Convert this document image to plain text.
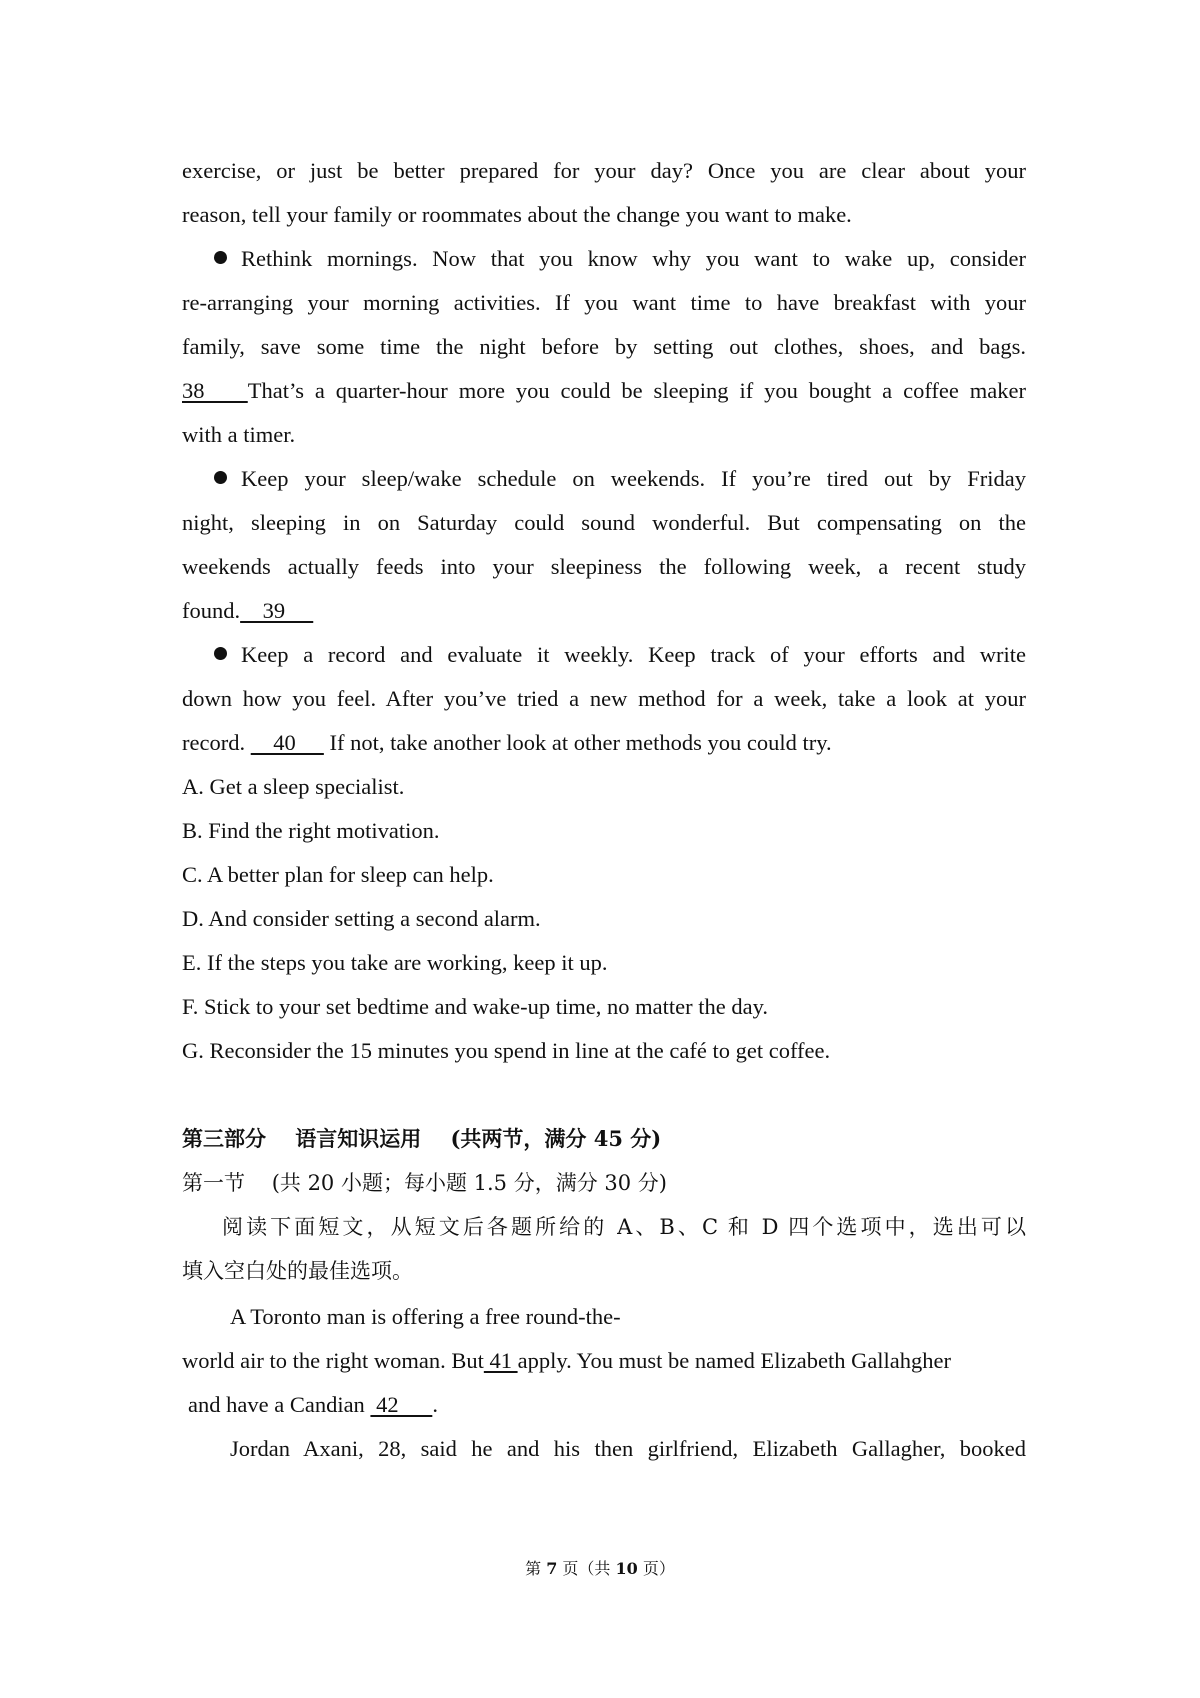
exercise, or just be better prepared for your day? Once you are clear about your
reason, tell your family or roommates about the change you want to make.
Rethink mornings. Now that you know why you want to wake up, consider
re-arranging your morning activities. If you want time to have breakfast with your
family, save some time the night before by setting out clothes, shoes, and bags.
38    That’s a quarter-hour more you could be sleeping if you bought a coffee maker
with a timer.
Keep your sleep/wake schedule on weekends. If you’re tired out by Friday
night, sleeping in on Saturday could sound wonderful. But compensating on the
weekends actually feeds into your sleepiness the following week, a recent study
found.    39
Keep a record and evaluate it weekly. Keep track of your efforts and write
down how you feel. After you’ve tried a new method for a week, take a look at your
record.     40      If not, take another look at other methods you could try.
A. Get a sleep specialist.
B. Find the right motivation.
C. A better plan for sleep can help.
D. And consider setting a second alarm.
E. If the steps you take are working, keep it up.
F. Stick to your set bedtime and wake-up time, no matter the day.
G. Reconsider the 15 minutes you spend in line at the café to get coffee.
第三部分    语言知识运用    (共两节，满分 45 分)
第一节    (共 20 小题；每小题 1.5 分，满分 30 分)
阅读下面短文，从短文后各题所给的 A、B、C 和 D 四个选项中，选出可以
填入空白处的最佳选项。
A Toronto man is offering a free round-the-
world air to the right woman. But 41 apply. You must be named Elizabeth Gallahgher
and have a Candian  42      .
Jordan Axani, 28, said he and his then girlfriend, Elizabeth Gallagher, booked
第 7 页（共 10 页）
